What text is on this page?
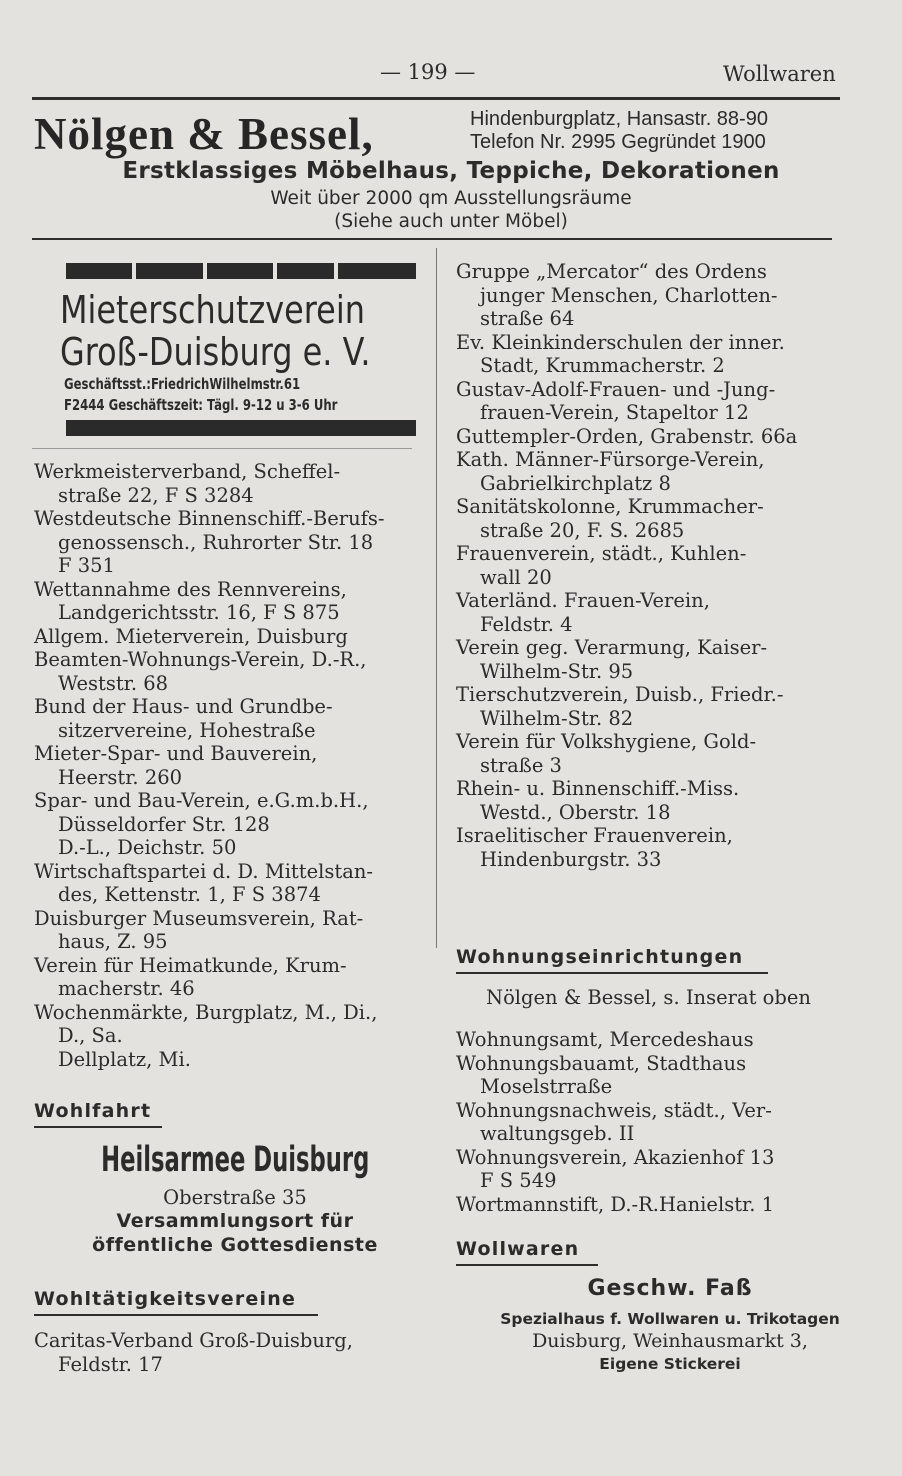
— 199 —	Wollwaren
Nölgen & Bessel,	Hindenburgplatz, Hansastr. 88-90
Telefon Nr. 2995 Gegründet 1900
Erstklassiges Möbelhaus, Teppiche, Dekorationen
Weit über 2000 qm Ausstellungsräume
(Siehe auch unter Möbel)
Mieterschutzverein
Groß-Duisburg e. V.
Geschäftsst.:FriedrichWilhelmstr.61
F2444 Geschäftszeit: Tägl. 9-12 u 3-6 Uhr
Werkmeisterverband, Scheffel-
straße 22, F S 3284
Westdeutsche Binnenschiff.-Berufs-
genossensch., Ruhrorter Str. 18
F 351
Wettannahme des Rennvereins,
Landgerichtsstr. 16, F S 875
Allgem. Mieterverein, Duisburg
Beamten-Wohnungs-Verein, D.-R.,
Weststr. 68
Bund der Haus- und Grundbe-
sitzervereine, Hohestraße
Mieter-Spar- und Bauverein,
Heerstr. 260
Spar- und Bau-Verein, e.G.m.b.H.,
Düsseldorfer Str. 128
D.-L., Deichstr. 50
Wirtschaftspartei d. D. Mittelstan-
des, Kettenstr. 1, F S 3874
Duisburger Museumsverein, Rat-
haus, Z. 95
Verein für Heimatkunde, Krum-
macherstr. 46
Wochenmärkte, Burgplatz, M., Di.,
D., Sa.
Dellplatz, Mi.
Wohlfahrt
Heilsarmee Duisburg
Oberstraße 35
Versammlungsort für
öffentliche Gottesdienste
Wohltätigkeitsvereine
Caritas-Verband Groß-Duisburg,
Feldstr. 17
Gruppe „Mercator“ des Ordens
junger Menschen, Charlotten-
straße 64
Ev. Kleinkinderschulen der inner.
Stadt, Krummacherstr. 2
Gustav-Adolf-Frauen- und -Jung-
frauen-Verein, Stapeltor 12
Guttempler-Orden, Grabenstr. 66a
Kath. Männer-Fürsorge-Verein,
Gabrielkirchplatz 8
Sanitätskolonne, Krummacher-
straße 20, F. S. 2685
Frauenverein, städt., Kuhlen-
wall 20
Vaterländ. Frauen-Verein,
Feldstr. 4
Verein geg. Verarmung, Kaiser-
Wilhelm-Str. 95
Tierschutzverein, Duisb., Friedr.-
Wilhelm-Str. 82
Verein für Volkshygiene, Gold-
straße 3
Rhein- u. Binnenschiff.-Miss.
Westd., Oberstr. 18
Israelitischer Frauenverein,
Hindenburgstr. 33
Wohnungseinrichtungen
Nölgen & Bessel, s. Inserat oben
Wohnungsamt, Mercedeshaus
Wohnungsbauamt, Stadthaus
Moselstrraße
Wohnungsnachweis, städt., Ver-
waltungsgeb. II
Wohnungsverein, Akazienhof 13
F S 549
Wortmannstift, D.-R.Hanielstr. 1
Wollwaren
Geschw. Faß
Spezialhaus f. Wollwaren u. Trikotagen
Duisburg, Weinhausmarkt 3,
Eigene Stickerei
